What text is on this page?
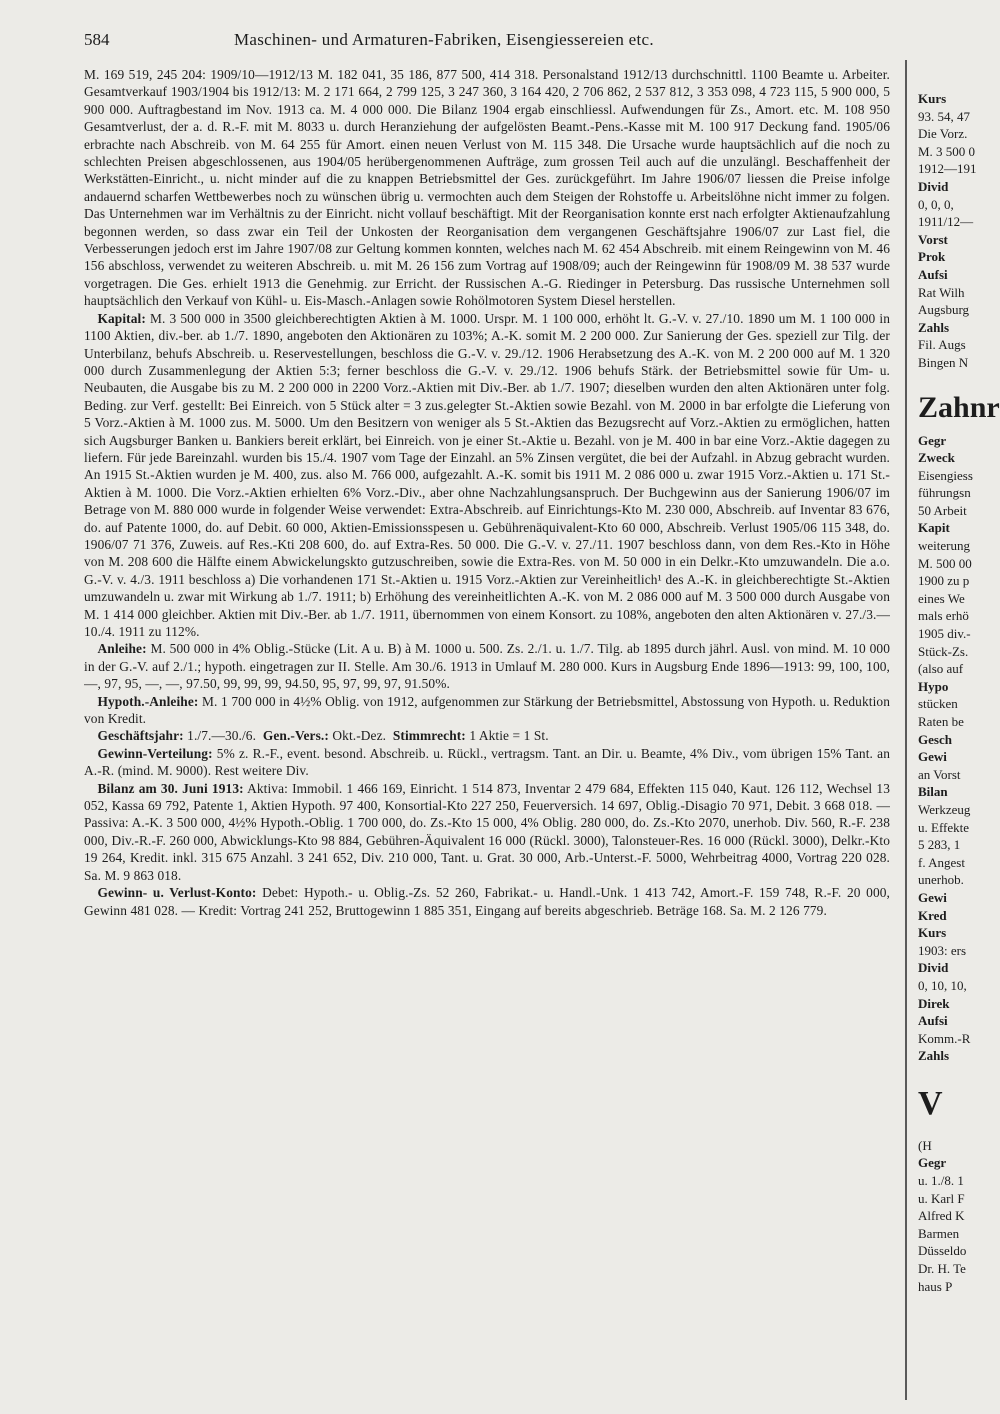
584	Maschinen- und Armaturen-Fabriken, Eisengiessereien etc.

M. 169 519, 245 204: 1909/10—1912/13 M. 182 041, 35 186, 877 500, 414 318. Personalstand 1912/13 durchschnittl. 1100 Beamte u. Arbeiter. Gesamtverkauf 1903/1904 bis 1912/13: M. 2 171 664, 2 799 125, 3 247 360, 3 164 420, 2 706 862, 2 537 812, 3 353 098, 4 723 115, 5 900 000, 5 900 000. Auftragbestand im Nov. 1913 ca. M. 4 000 000. Die Bilanz 1904 ergab einschliessl. Aufwendungen für Zs., Amort. etc. M. 108 950 Gesamtverlust, der a. d. R.-F. mit M. 8033 u. durch Heranziehung der aufgelösten Beamt.-Pens.-Kasse mit M. 100 917 Deckung fand. 1905/06 erbrachte nach Abschreib. von M. 64 255 für Amort. einen neuen Verlust von M. 115 348. Die Ursache wurde hauptsächlich auf die noch zu schlechten Preisen abgeschlossenen, aus 1904/05 herübergenommenen Aufträge, zum grossen Teil auch auf die unzulängl. Beschaffenheit der Werkstätten-Einricht., u. nicht minder auf die zu knappen Betriebsmittel der Ges. zurückgeführt. Im Jahre 1906/07 liessen die Preise infolge andauernd scharfen Wettbewerbes noch zu wünschen übrig u. vermochten auch dem Steigen der Rohstoffe u. Arbeitslöhne nicht immer zu folgen. Das Unternehmen war im Verhältnis zu der Einricht. nicht vollauf beschäftigt. Mit der Reorganisation konnte erst nach erfolgter Aktienaufzahlung begonnen werden, so dass zwar ein Teil der Unkosten der Reorganisation dem vergangenen Geschäftsjahre 1906/07 zur Last fiel, die Verbesserungen jedoch erst im Jahre 1907/08 zur Geltung kommen konnten, welches nach M. 62 454 Abschreib. mit einem Reingewinn von M. 46 156 abschloss, verwendet zu weiteren Abschreib. u. mit M. 26 156 zum Vortrag auf 1908/09; auch der Reingewinn für 1908/09 M. 38 537 wurde vorgetragen. Die Ges. erhielt 1913 die Genehmig. zur Erricht. der Russischen A.-G. Riedinger in Petersburg. Das russische Unternehmen soll hauptsächlich den Verkauf von Kühl- u. Eis-Masch.-Anlagen sowie Rohölmotoren System Diesel herstellen.

 Kapital: M. 3 500 000 in 3500 gleichberechtigten Aktien à M. 1000. Urspr. M. 1 100 000, erhöht lt. G.-V. v. 27./10. 1890 um M. 1 100 000 in 1100 Aktien, div.-ber. ab 1./7. 1890, angeboten den Aktionären zu 103%; A.-K. somit M. 2 200 000. Zur Sanierung der Ges. speziell zur Tilg. der Unterbilanz, behufs Abschreib. u. Reservestellungen, beschloss die G.-V. v. 29./12. 1906 Herabsetzung des A.-K. von M. 2 200 000 auf M. 1 320 000 durch Zusammenlegung der Aktien 5:3; ferner beschloss die G.-V. v. 29./12. 1906 behufs Stärk. der Betriebsmittel sowie für Um- u. Neubauten, die Ausgabe bis zu M. 2 200 000 in 2200 Vorz.-Aktien mit Div.-Ber. ab 1./7. 1907; dieselben wurden den alten Aktionären unter folg. Beding. zur Verf. gestellt: Bei Einreich. von 5 Stück alter = 3 zus.gelegter St.-Aktien sowie Bezahl. von M. 2000 in bar erfolgte die Lieferung von 5 Vorz.-Aktien à M. 1000 zus. M. 5000. Um den Besitzern von weniger als 5 St.-Aktien das Bezugsrecht auf Vorz.-Aktien zu ermöglichen, hatten sich Augsburger Banken u. Bankiers bereit erklärt, bei Einreich. von je einer St.-Aktie u. Bezahl. von je M. 400 in bar eine Vorz.-Aktie dagegen zu liefern. Für jede Bareinzahl. wurden bis 15./4. 1907 vom Tage der Einzahl. an 5% Zinsen vergütet, die bei der Aufzahl. in Abzug gebracht wurden. An 1915 St.-Aktien wurden je M. 400, zus. also M. 766 000, aufgezahlt. A.-K. somit bis 1911 M. 2 086 000 u. zwar 1915 Vorz.-Aktien u. 171 St.-Aktien à M. 1000. Die Vorz.-Aktien erhielten 6% Vorz.-Div., aber ohne Nachzahlungsanspruch. Der Buchgewinn aus der Sanierung 1906/07 im Betrage von M. 880 000 wurde in folgender Weise verwendet: Extra-Abschreib. auf Einrichtungs-Kto M. 230 000, Abschreib. auf Inventar 83 676, do. auf Patente 1000, do. auf Debit. 60 000, Aktien-Emissionsspesen u. Gebührenäquivalent-Kto 60 000, Abschreib. Verlust 1905/06 115 348, do. 1906/07 71 376, Zuweis. auf Res.-Kti 208 600, do. auf Extra-Res. 50 000. Die G.-V. v. 27./11. 1907 beschloss dann, von dem Res.-Kto in Höhe von M. 208 600 die Hälfte einem Abwickelungskto gutzuschreiben, sowie die Extra-Res. von M. 50 000 in ein Delkr.-Kto umzuwandeln. Die a.o. G.-V. v. 4./3. 1911 beschloss a) Die vorhandenen 171 St.-Aktien u. 1915 Vorz.-Aktien zur Vereinheitlich¹ des A.-K. in gleichberechtigte St.-Aktien umzuwandeln u. zwar mit Wirkung ab 1./7. 1911; b) Erhöhung des vereinheitlichten A.-K. von M. 2 086 000 auf M. 3 500 000 durch Ausgabe von M. 1 414 000 gleichber. Aktien mit Div.-Ber. ab 1./7. 1911, übernommen von einem Konsort. zu 108%, angeboten den alten Aktionären v. 27./3.—10./4. 1911 zu 112%.

 Anleihe: M. 500 000 in 4% Oblig.-Stücke (Lit. A u. B) à M. 1000 u. 500. Zs. 2./1. u. 1./7. Tilg. ab 1895 durch jährl. Ausl. von mind. M. 10 000 in der G.-V. auf 2./1.; hypoth. eingetragen zur II. Stelle. Am 30./6. 1913 in Umlauf M. 280 000. Kurs in Augsburg Ende 1896—1913: 99, 100, 100, —, 97, 95, —, —, 97.50, 99, 99, 99, 94.50, 95, 97, 99, 97, 91.50%.

 Hypoth.-Anleihe: M. 1 700 000 in 4½% Oblig. von 1912, aufgenommen zur Stärkung der Betriebsmittel, Abstossung von Hypoth. u. Reduktion von Kredit.

 Geschäftsjahr: 1./7.—30./6.  Gen.-Vers.: Okt.-Dez.  Stimmrecht: 1 Aktie = 1 St.

 Gewinn-Verteilung: 5% z. R.-F., event. besond. Abschreib. u. Rückl., vertragsm. Tant. an Dir. u. Beamte, 4% Div., vom übrigen 15% Tant. an A.-R. (mind. M. 9000). Rest weitere Div.

 Bilanz am 30. Juni 1913: Aktiva: Immobil. 1 466 169, Einricht. 1 514 873, Inventar 2 479 684, Effekten 115 040, Kaut. 126 112, Wechsel 13 052, Kassa 69 792, Patente 1, Aktien Hypoth. 97 400, Konsortial-Kto 227 250, Feuerversich. 14 697, Oblig.-Disagio 70 971, Debit. 3 668 018. — Passiva: A.-K. 3 500 000, 4½% Hypoth.-Oblig. 1 700 000, do. Zs.-Kto 15 000, 4% Oblig. 280 000, do. Zs.-Kto 2070, unerhob. Div. 560, R.-F. 238 000, Div.-R.-F. 260 000, Abwicklungs-Kto 98 884, Gebühren-Äquivalent 16 000 (Rückl. 3000), Talonsteuer-Res. 16 000 (Rückl. 3000), Delkr.-Kto 19 264, Kredit. inkl. 315 675 Anzahl. 3 241 652, Div. 210 000, Tant. u. Grat. 30 000, Arb.-Unterst.-F. 5000, Wehrbeitrag 4000, Vortrag 220 028. Sa. M. 9 863 018.

 Gewinn- u. Verlust-Konto: Debet: Hypoth.- u. Oblig.-Zs. 52 260, Fabrikat.- u. Handl.-Unk. 1 413 742, Amort.-F. 159 748, R.-F. 20 000, Gewinn 481 028. — Kredit: Vortrag 241 252, Bruttogewinn 1 885 351, Eingang auf bereits abgeschrieb. Beträge 168. Sa. M. 2 126 779.

Kurs
93. 54, 47
Die Vorz.
M. 3 500 0
1912—191
Divid
0, 0, 0,
1911/12—
Vorst
Prok
Aufsi
Rat Wilh
Augsburg
Zahls
Fil. Augs
Bingen N
Zahnr
Gegr
Zweck
Eisengiess
führungsn
50 Arbeit
Kapit
weiterung
M. 500 00
1900 zu p
eines We
mals erhö
1905 div.-
Stück-Zs.
(also auf
Hypo
stücken
Raten be
Gesch
Gewi
an Vorst
Bilan
Werkzeug
u. Effekte
5 283, 1
f. Angest
unerhob.
Gewi
Kred
Kurs
1903: ers
Divid
0, 10, 10,
Direk
Aufsi
Komm.-R
Zahls
V
(H
Gegr
u. 1./8. 1
u. Karl F
Alfred K
Barmen
Düsseldo
Dr. H. Te
haus P
